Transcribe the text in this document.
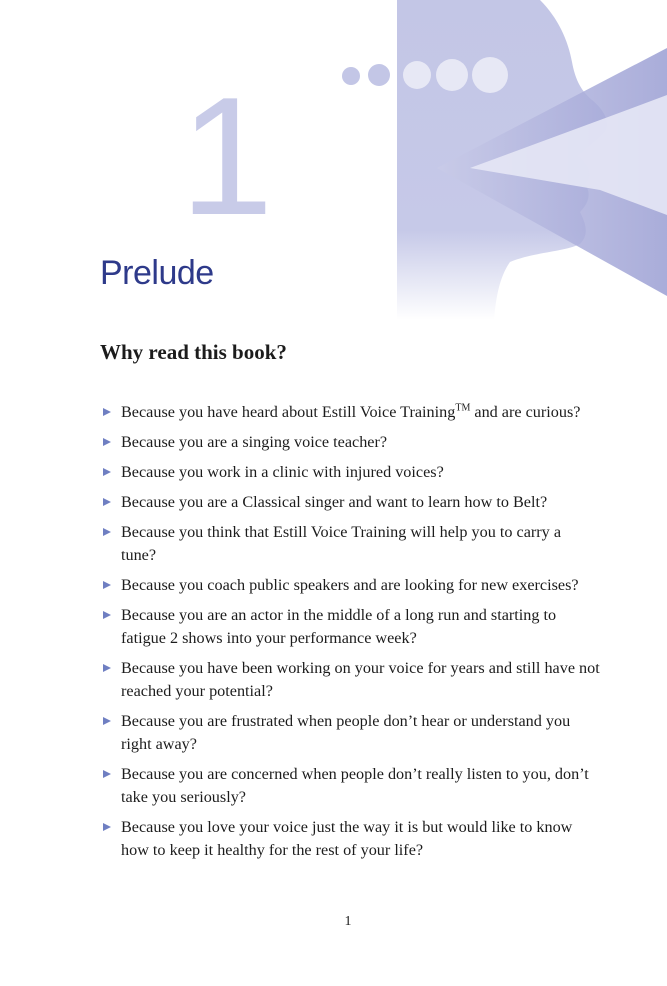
1
Prelude
Why read this book?
Because you have heard about Estill Voice Training™ and are curious?
Because you are a singing voice teacher?
Because you work in a clinic with injured voices?
Because you are a Classical singer and want to learn how to Belt?
Because you think that Estill Voice Training will help you to carry a tune?
Because you coach public speakers and are looking for new exercises?
Because you are an actor in the middle of a long run and starting to fatigue 2 shows into your performance week?
Because you have been working on your voice for years and still have not reached your potential?
Because you are frustrated when people don’t hear or understand you right away?
Because you are concerned when people don’t really listen to you, don’t take you seriously?
Because you love your voice just the way it is but would like to know how to keep it healthy for the rest of your life?
1
